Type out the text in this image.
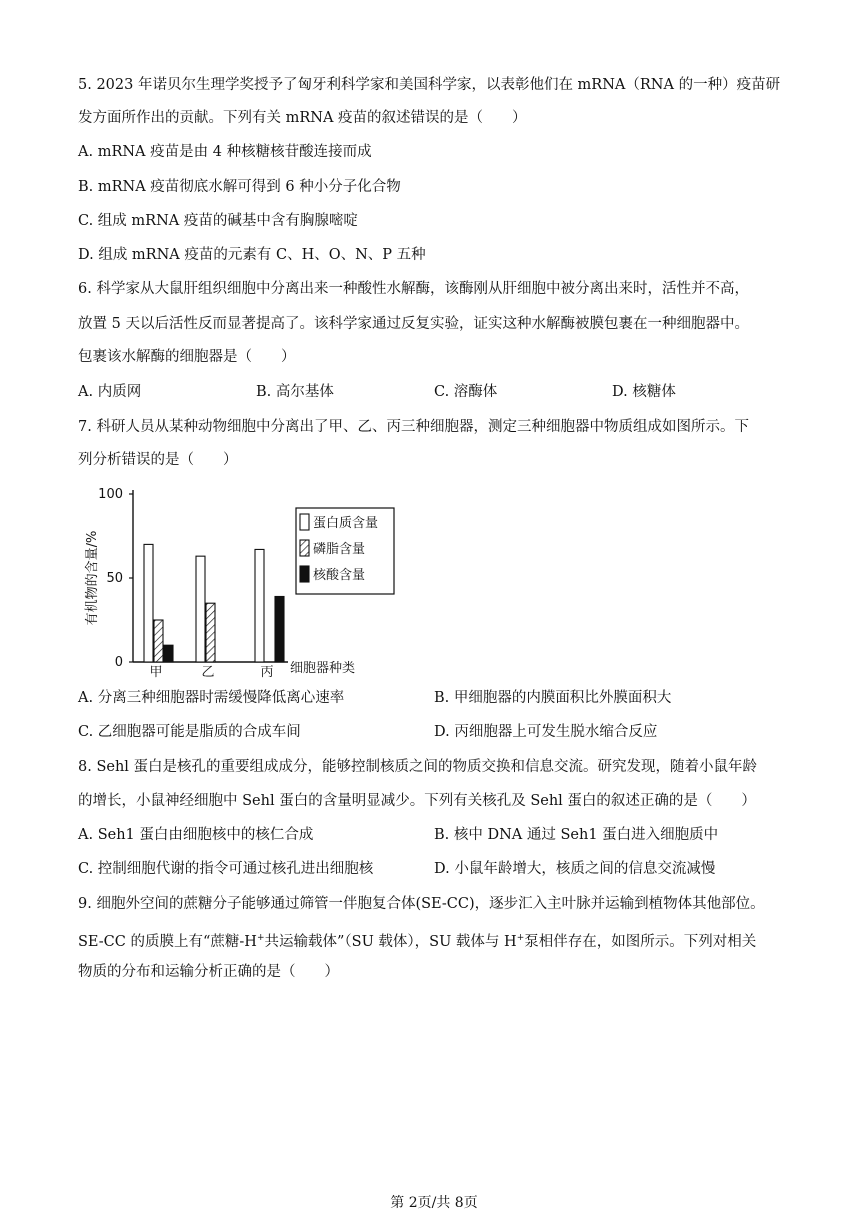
5. 2023 年诺贝尔生理学奖授予了匈牙利科学家和美国科学家，以表彰他们在 mRNA（RNA 的一种）疫苗研
发方面所作出的贡献。下列有关 mRNA 疫苗的叙述错误的是（　　）
A. mRNA 疫苗是由 4 种核糖核苷酸连接而成
B. mRNA 疫苗彻底水解可得到 6 种小分子化合物
C. 组成 mRNA 疫苗的碱基中含有胸腺嘧啶
D. 组成 mRNA 疫苗的元素有 C、H、O、N、P 五种
6. 科学家从大鼠肝组织细胞中分离出来一种酸性水解酶，该酶刚从肝细胞中被分离出来时，活性并不高，
放置 5 天以后活性反而显著提高了。该科学家通过反复实验，证实这种水解酶被膜包裹在一种细胞器中。
包裹该水解酶的细胞器是（　　）
A. 内质网	B. 高尔基体	C. 溶酶体	D. 核糖体
7. 科研人员从某种动物细胞中分离出了甲、乙、丙三种细胞器，测定三种细胞器中物质组成如图所示。下
列分析错误的是（　　）
0
50
100
有机物的含量/%
细胞器种类
甲	乙	丙
蛋白质含量
磷脂含量
核酸含量
A. 分离三种细胞器时需缓慢降低离心速率	B. 甲细胞器的内膜面积比外膜面积大
C. 乙细胞器可能是脂质的合成车间	D. 丙细胞器上可发生脱水缩合反应
8. Sehl 蛋白是核孔的重要组成成分，能够控制核质之间的物质交换和信息交流。研究发现，随着小鼠年龄
的增长，小鼠神经细胞中 Sehl 蛋白的含量明显减少。下列有关核孔及 Sehl 蛋白的叙述正确的是（　　）
A. Seh1 蛋白由细胞核中的核仁合成	B. 核中 DNA 通过 Seh1 蛋白进入细胞质中
C. 控制细胞代谢的指令可通过核孔进出细胞核	D. 小鼠年龄增大，核质之间的信息交流减慢
9. 细胞外空间的蔗糖分子能够通过筛管一伴胞复合体(SE-CC)，逐步汇入主叶脉并运输到植物体其他部位。
SE-CC 的质膜上有“蔗糖-H+共运输载体”（SU 载体），SU 载体与 H+泵相伴存在，如图所示。下列对相关
物质的分布和运输分析正确的是（　　）
第 2页/共 8页
